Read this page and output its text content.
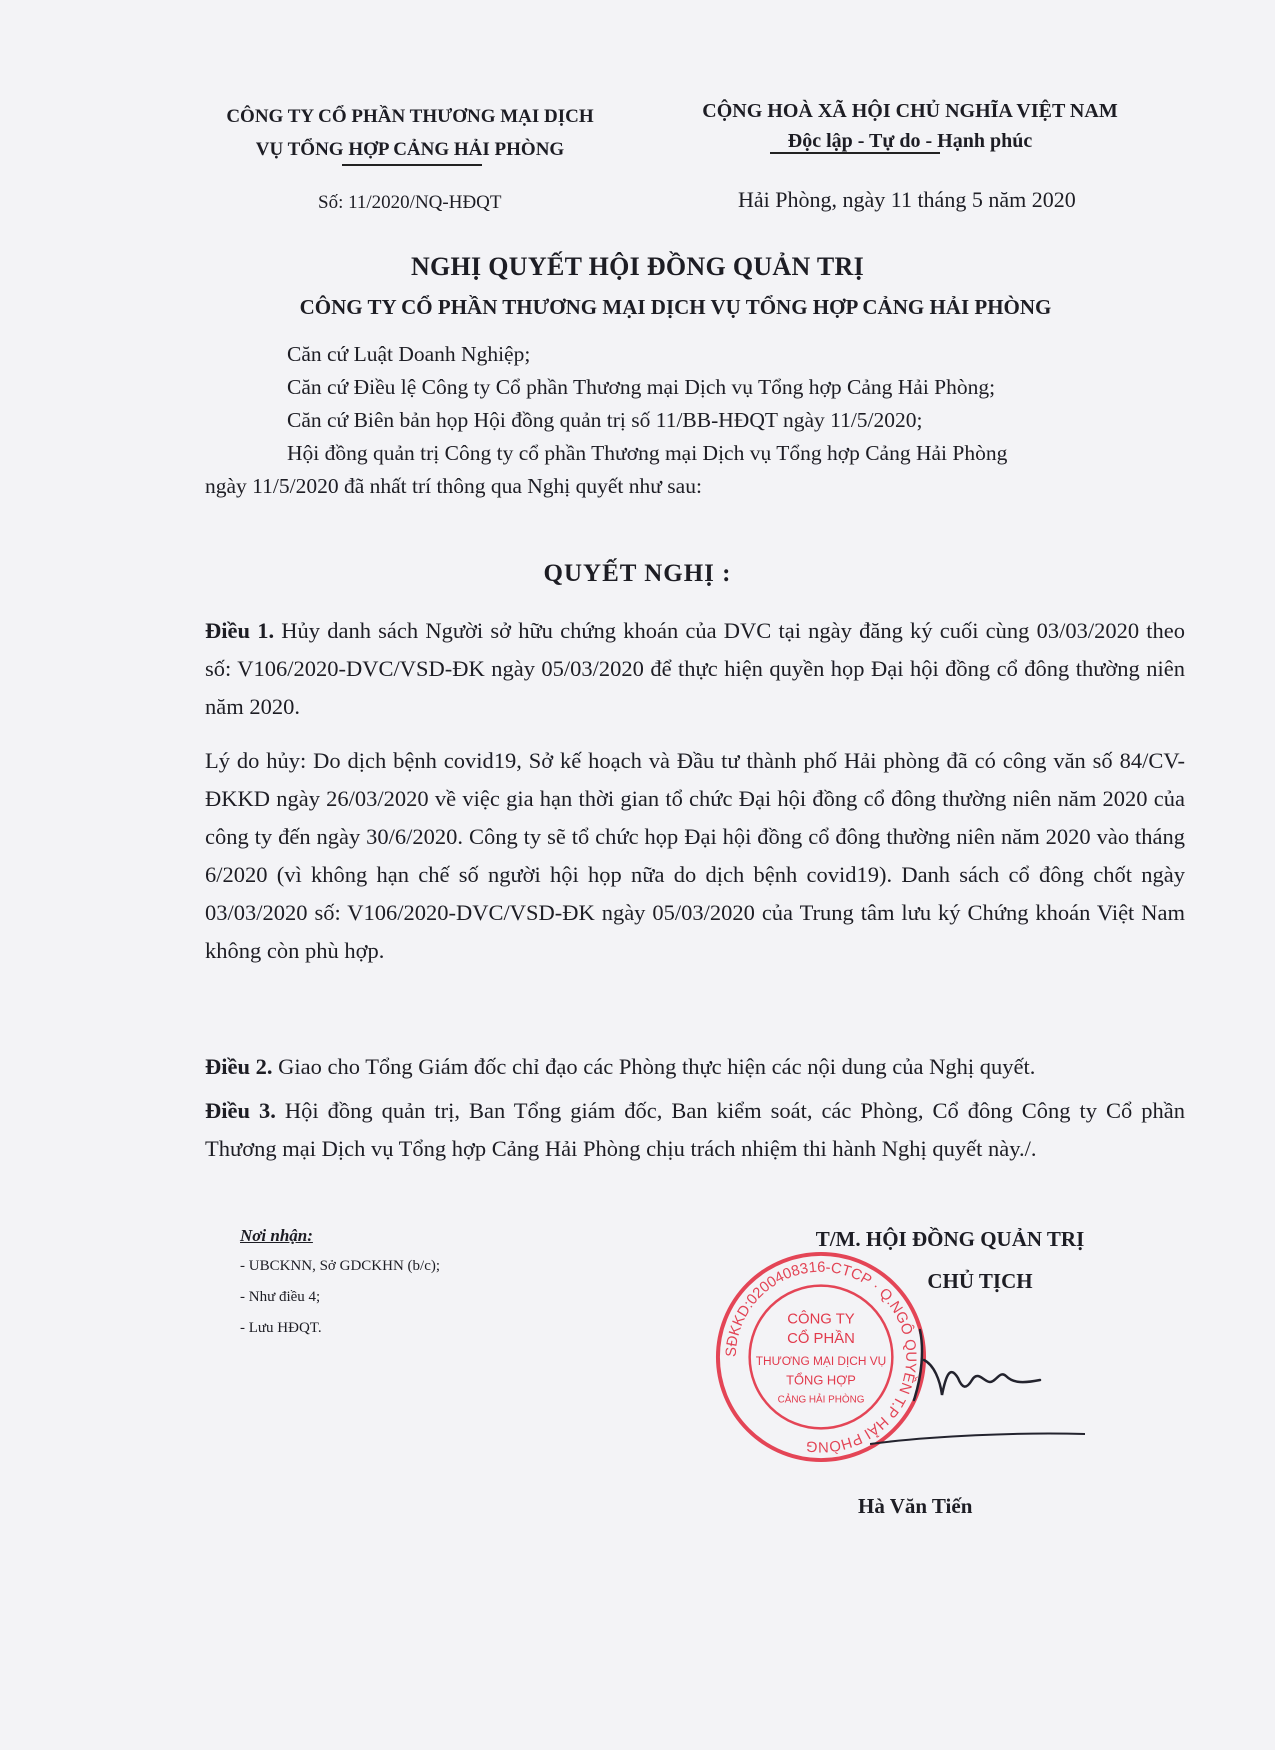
CÔNG TY CỔ PHẦN THƯƠNG MẠI DỊCH
VỤ TỔNG HỢP CẢNG HẢI PHÒNG
CỘNG HOÀ XÃ HỘI CHỦ NGHĨA VIỆT NAM
Độc lập - Tự do - Hạnh phúc
Số: 11/2020/NQ-HĐQT	Hải Phòng, ngày 11 tháng 5 năm 2020
NGHỊ QUYẾT HỘI ĐỒNG QUẢN TRỊ
CÔNG TY CỔ PHẦN THƯƠNG MẠI DỊCH VỤ TỔNG HỢP CẢNG HẢI PHÒNG
Căn cứ Luật Doanh Nghiệp;
Căn cứ Điều lệ Công ty Cổ phần Thương mại Dịch vụ Tổng hợp Cảng Hải Phòng;
Căn cứ Biên bản họp Hội đồng quản trị số 11/BB-HĐQT ngày 11/5/2020;
Hội đồng quản trị Công ty cổ phần Thương mại Dịch vụ Tổng hợp Cảng Hải Phòng
ngày 11/5/2020 đã nhất trí thông qua Nghị quyết như sau:
QUYẾT NGHỊ :
Điều 1. Hủy danh sách Người sở hữu chứng khoán của DVC tại ngày đăng ký cuối cùng 03/03/2020 theo số: V106/2020-DVC/VSD-ĐK ngày 05/03/2020 để thực hiện quyền họp Đại hội đồng cổ đông thường niên năm 2020.
Lý do hủy: Do dịch bệnh covid19, Sở kế hoạch và Đầu tư thành phố Hải phòng đã có công văn số 84/CV-ĐKKD ngày 26/03/2020 về việc gia hạn thời gian tổ chức Đại hội đồng cổ đông thường niên năm 2020 của công ty đến ngày 30/6/2020. Công ty sẽ tổ chức họp Đại hội đồng cổ đông thường niên năm 2020 vào tháng 6/2020 (vì không hạn chế số người hội họp nữa do dịch bệnh covid19). Danh sách cổ đông chốt ngày 03/03/2020 số: V106/2020-DVC/VSD-ĐK ngày 05/03/2020 của Trung tâm lưu ký Chứng khoán Việt Nam không còn phù hợp.
Điều 2. Giao cho Tổng Giám đốc chỉ đạo các Phòng thực hiện các nội dung của Nghị quyết.
Điều 3. Hội đồng quản trị, Ban Tổng giám đốc, Ban kiểm soát, các Phòng, Cổ đông Công ty Cổ phần Thương mại Dịch vụ Tổng hợp Cảng Hải Phòng chịu trách nhiệm thi hành Nghị quyết này./.
Nơi nhận:
- UBCKNN, Sở GDCKHN (b/c);
- Như điều 4;
- Lưu HĐQT.
T/M. HỘI ĐỒNG QUẢN TRỊ
CHỦ TỊCH
SĐKKD:0200408316-CTCP · Q.NGÔ QUYỀN T.P HẢI PHÒNG
CÔNG TY
CỔ PHẦN
THƯƠNG MẠI DỊCH VỤ
TỔNG HỢP
CẢNG HẢI PHÒNG
Hà Văn Tiến
